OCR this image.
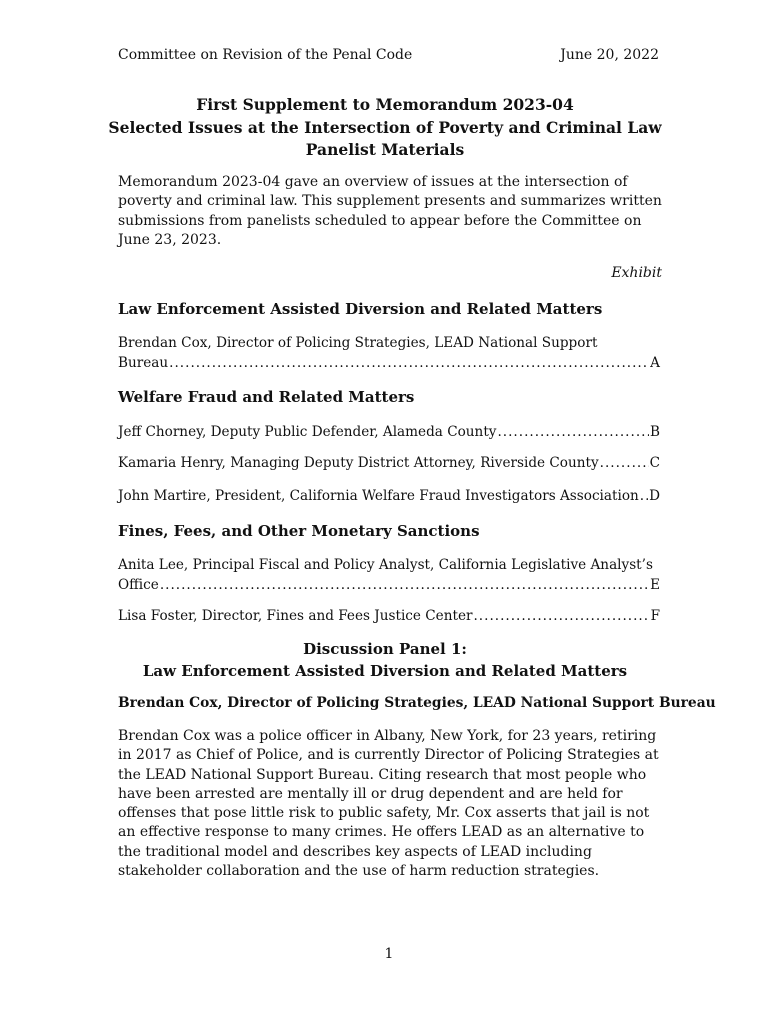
Committee on Revision of the Penal Code	June 20, 2022
First Supplement to Memorandum 2023-04
Selected Issues at the Intersection of Poverty and Criminal Law
Panelist Materials
Memorandum 2023-04 gave an overview of issues at the intersection of poverty and criminal law. This supplement presents and summarizes written submissions from panelists scheduled to appear before the Committee on June 23, 2023.
Exhibit
Law Enforcement Assisted Diversion and Related Matters
Brendan Cox, Director of Policing Strategies, LEAD National Support
Bureau .....	A
Welfare Fraud and Related Matters
Jeff Chorney, Deputy Public Defender, Alameda County .....	B
Kamaria Henry, Managing Deputy District Attorney, Riverside County .....	C
John Martire, President, California Welfare Fraud Investigators Association ..... D
Fines, Fees, and Other Monetary Sanctions
Anita Lee, Principal Fiscal and Policy Analyst, California Legislative Analyst’s
Office .....	E
Lisa Foster, Director, Fines and Fees Justice Center .....	F
Discussion Panel 1:
Law Enforcement Assisted Diversion and Related Matters
Brendan Cox, Director of Policing Strategies, LEAD National Support Bureau
Brendan Cox was a police officer in Albany, New York, for 23 years, retiring in 2017 as Chief of Police, and is currently Director of Policing Strategies at the LEAD National Support Bureau. Citing research that most people who have been arrested are mentally ill or drug dependent and are held for offenses that pose little risk to public safety, Mr. Cox asserts that jail is not an effective response to many crimes. He offers LEAD as an alternative to the traditional model and describes key aspects of LEAD including stakeholder collaboration and the use of harm reduction strategies.
1
